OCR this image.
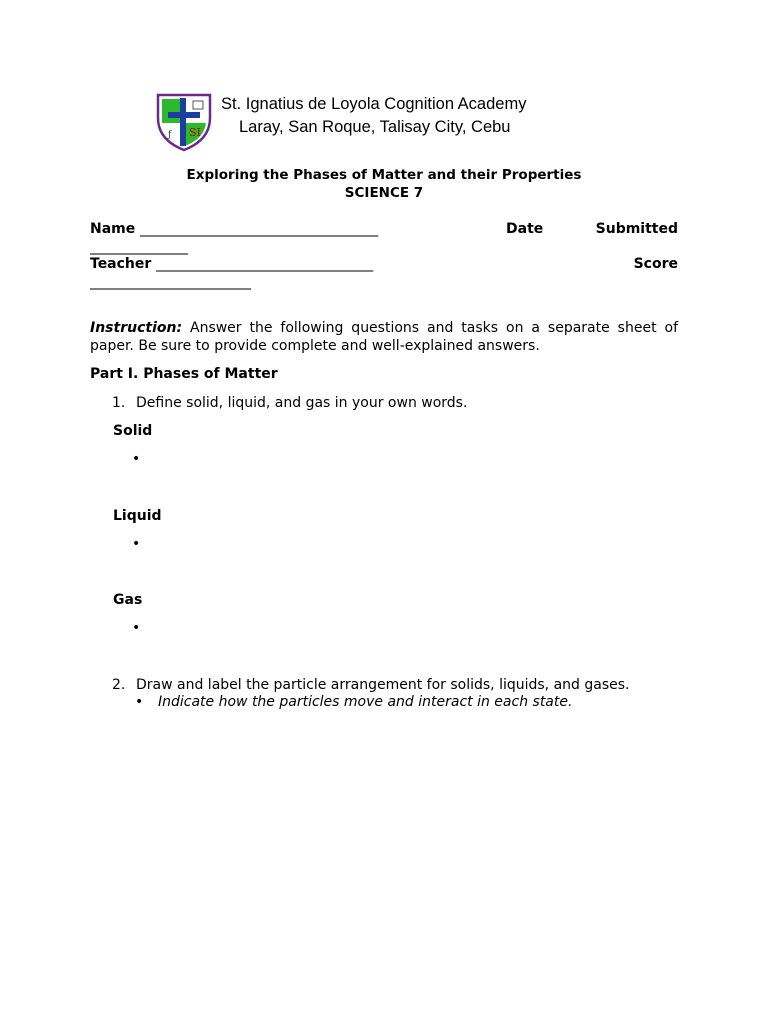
SI
ƒ
St. Ignatius de Loyola Cognition Academy
Laray, San Roque, Talisay City, Cebu
Exploring the Phases of Matter and their Properties
SCIENCE 7
Name __________________________________	Date	Submitted
______________
Teacher _______________________________	Score
_______________________
Instruction: Answer the following questions and tasks on a separate sheet of paper. Be sure to provide complete and well-explained answers.
Part I. Phases of Matter
1. Define solid, liquid, and gas in your own words.
Solid
•
Liquid
•
Gas
•
2. Draw and label the particle arrangement for solids, liquids, and gases.
• Indicate how the particles move and interact in each state.
